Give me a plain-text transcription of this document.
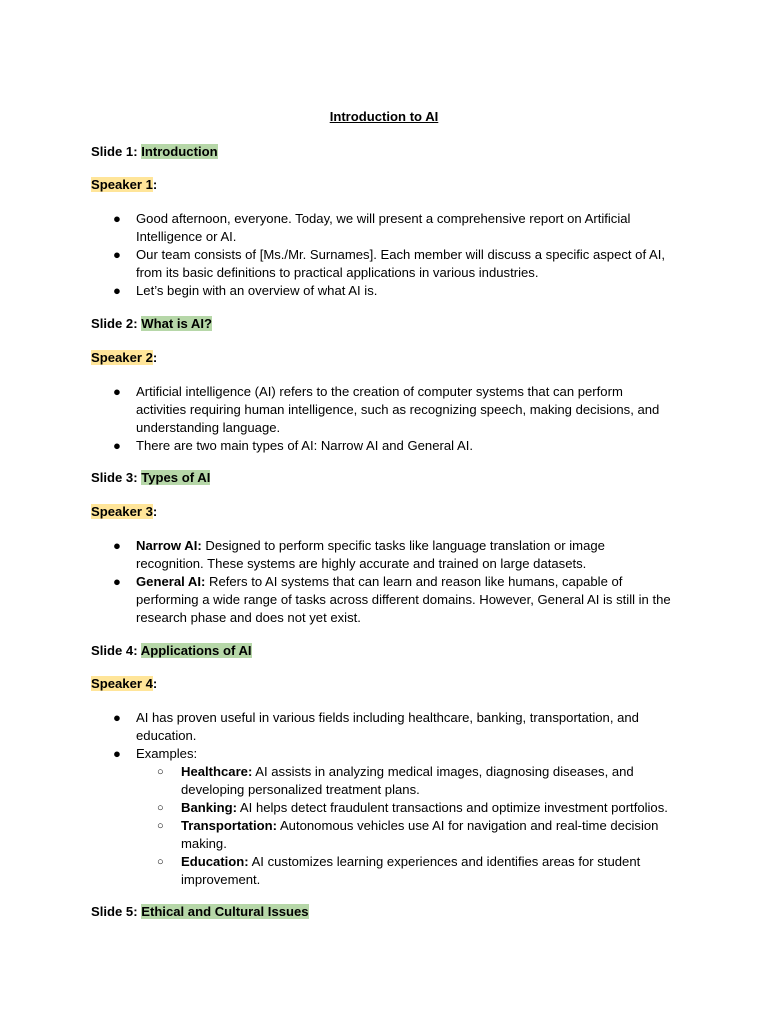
Introduction to AI
Slide 1: Introduction
Speaker 1:
● Good afternoon, everyone. Today, we will present a comprehensive report on Artificial Intelligence or AI.
● Our team consists of [Ms./Mr. Surnames]. Each member will discuss a specific aspect of AI, from its basic definitions to practical applications in various industries.
● Let’s begin with an overview of what AI is.
Slide 2: What is AI?
Speaker 2:
● Artificial intelligence (AI) refers to the creation of computer systems that can perform activities requiring human intelligence, such as recognizing speech, making decisions, and understanding language.
● There are two main types of AI: Narrow AI and General AI.
Slide 3: Types of AI
Speaker 3:
● Narrow AI: Designed to perform specific tasks like language translation or image recognition. These systems are highly accurate and trained on large datasets.
● General AI: Refers to AI systems that can learn and reason like humans, capable of performing a wide range of tasks across different domains. However, General AI is still in the research phase and does not yet exist.
Slide 4: Applications of AI
Speaker 4:
● AI has proven useful in various fields including healthcare, banking, transportation, and education.
● Examples:
○ Healthcare: AI assists in analyzing medical images, diagnosing diseases, and developing personalized treatment plans.
○ Banking: AI helps detect fraudulent transactions and optimize investment portfolios.
○ Transportation: Autonomous vehicles use AI for navigation and real-time decision making.
○ Education: AI customizes learning experiences and identifies areas for student improvement.
Slide 5: Ethical and Cultural Issues
